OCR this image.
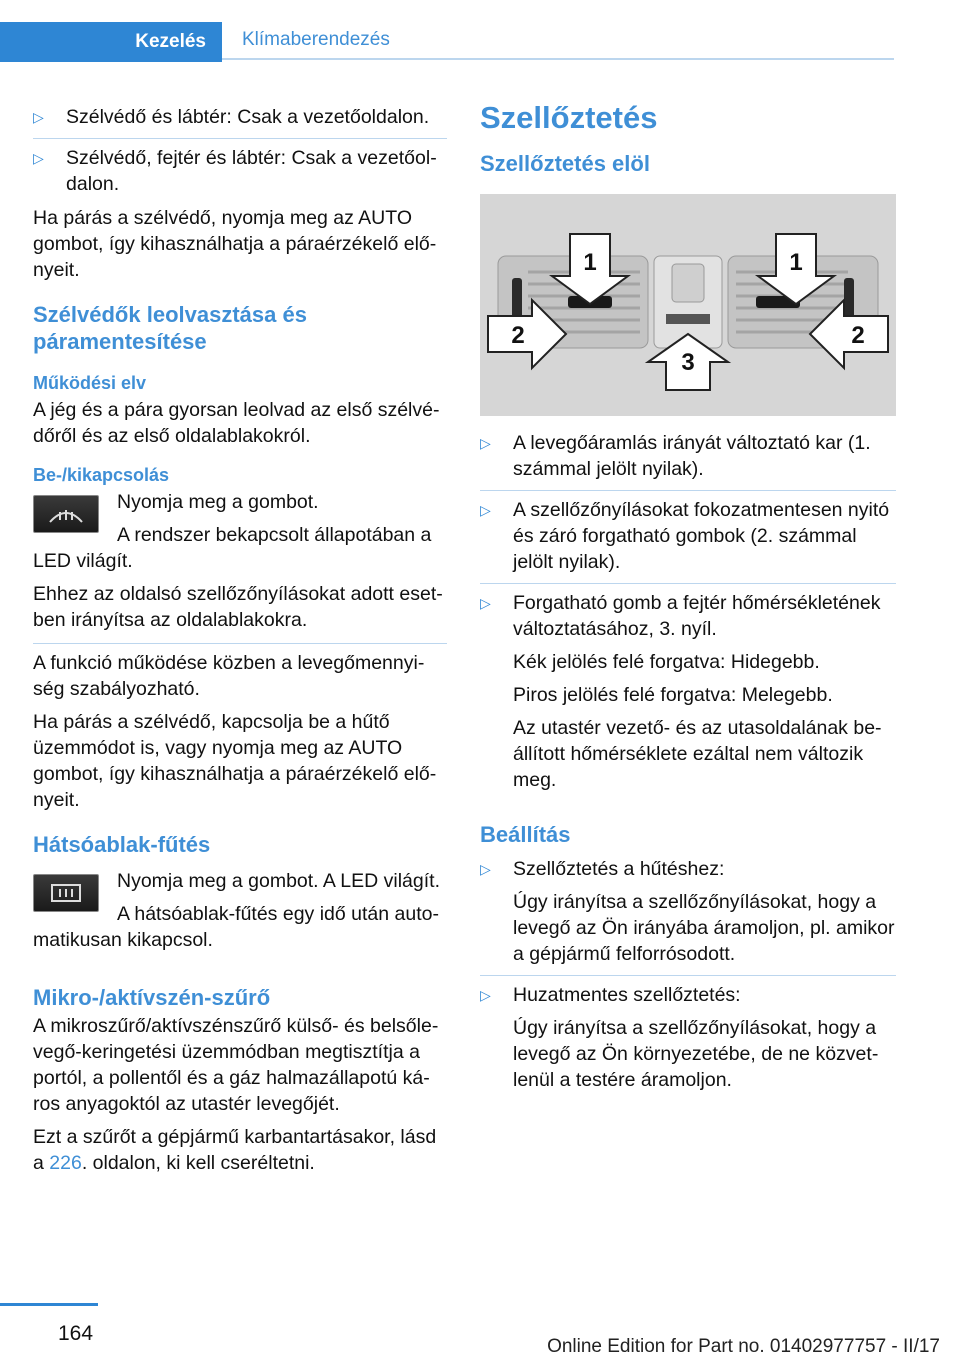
Kezelés	Klímaberendezés
▷ Szélvédő és lábtér: Csak a vezetőoldalon.
▷ Szélvédő, fejtér és lábtér: Csak a vezetőoldalon.

Ha párás a szélvédő, nyomja meg az AUTO gombot, így kihasználhatja a páraérzékelő előnyeit.

Szélvédők leolvasztása és páramentesítése
Működési elv

A jég és a pára gyorsan leolvad az első szélvédőről és az első oldalablakokról.

Be-/kikapcsolás

Nyomja meg a gombot.

A rendszer bekapcsolt állapotában a LED világít.

Ehhez az oldalsó szellőzőnyílásokat adott esetben irányítsa az oldalablakokra.

A funkció működése közben a levegőmennyiség szabályozható.

Ha párás a szélvédő, kapcsolja be a hűtő üzemmódot is, vagy nyomja meg az AUTO gombot, így kihasználhatja a páraérzékelő előnyeit.

Hátsóablak-fűtés

Nyomja meg a gombot. A LED világít.

A hátsóablak-fűtés egy idő után automatikusan kikapcsol.

Mikro-/aktívszén-szűrő

A mikroszűrő/aktívszénszűrő külső- és belsőlevegő-keringetési üzemmódban megtisztítja a portól, a pollentől és a gáz halmazállapotú káros anyagoktól az utastér levegőjét.

Ezt a szűrőt a gépjármű karbantartásakor, lásd a 226. oldalon, ki kell cseréltetni.

Szellőztetés
Szellőztetés elöl
1	1
2	2
3
▷ A levegőáramlás irányát változtató kar (1. számmal jelölt nyilak).
▷ A szellőzőnyílásokat fokozatmentesen nyitó és záró forgatható gombok (2. számmal jelölt nyilak).
▷ Forgatható gomb a fejtér hőmérsékletének változtatásához, 3. nyíl.
Kék jelölés felé forgatva: Hidegebb.
Piros jelölés felé forgatva: Melegebb.
Az utastér vezető- és az utasoldalának beállított hőmérséklete ezáltal nem változik meg.
Beállítás
▷ Szellőztetés a hűtéshez:
Úgy irányítsa a szellőzőnyílásokat, hogy a levegő az Ön irányába áramoljon, pl. amikor a gépjármű felforrósodott.
▷ Huzatmentes szellőztetés:
Úgy irányítsa a szellőzőnyílásokat, hogy a levegő az Ön környezetébe, de ne közvetlenül a testére áramoljon.
164
Online Edition for Part no. 01402977757 - II/17
